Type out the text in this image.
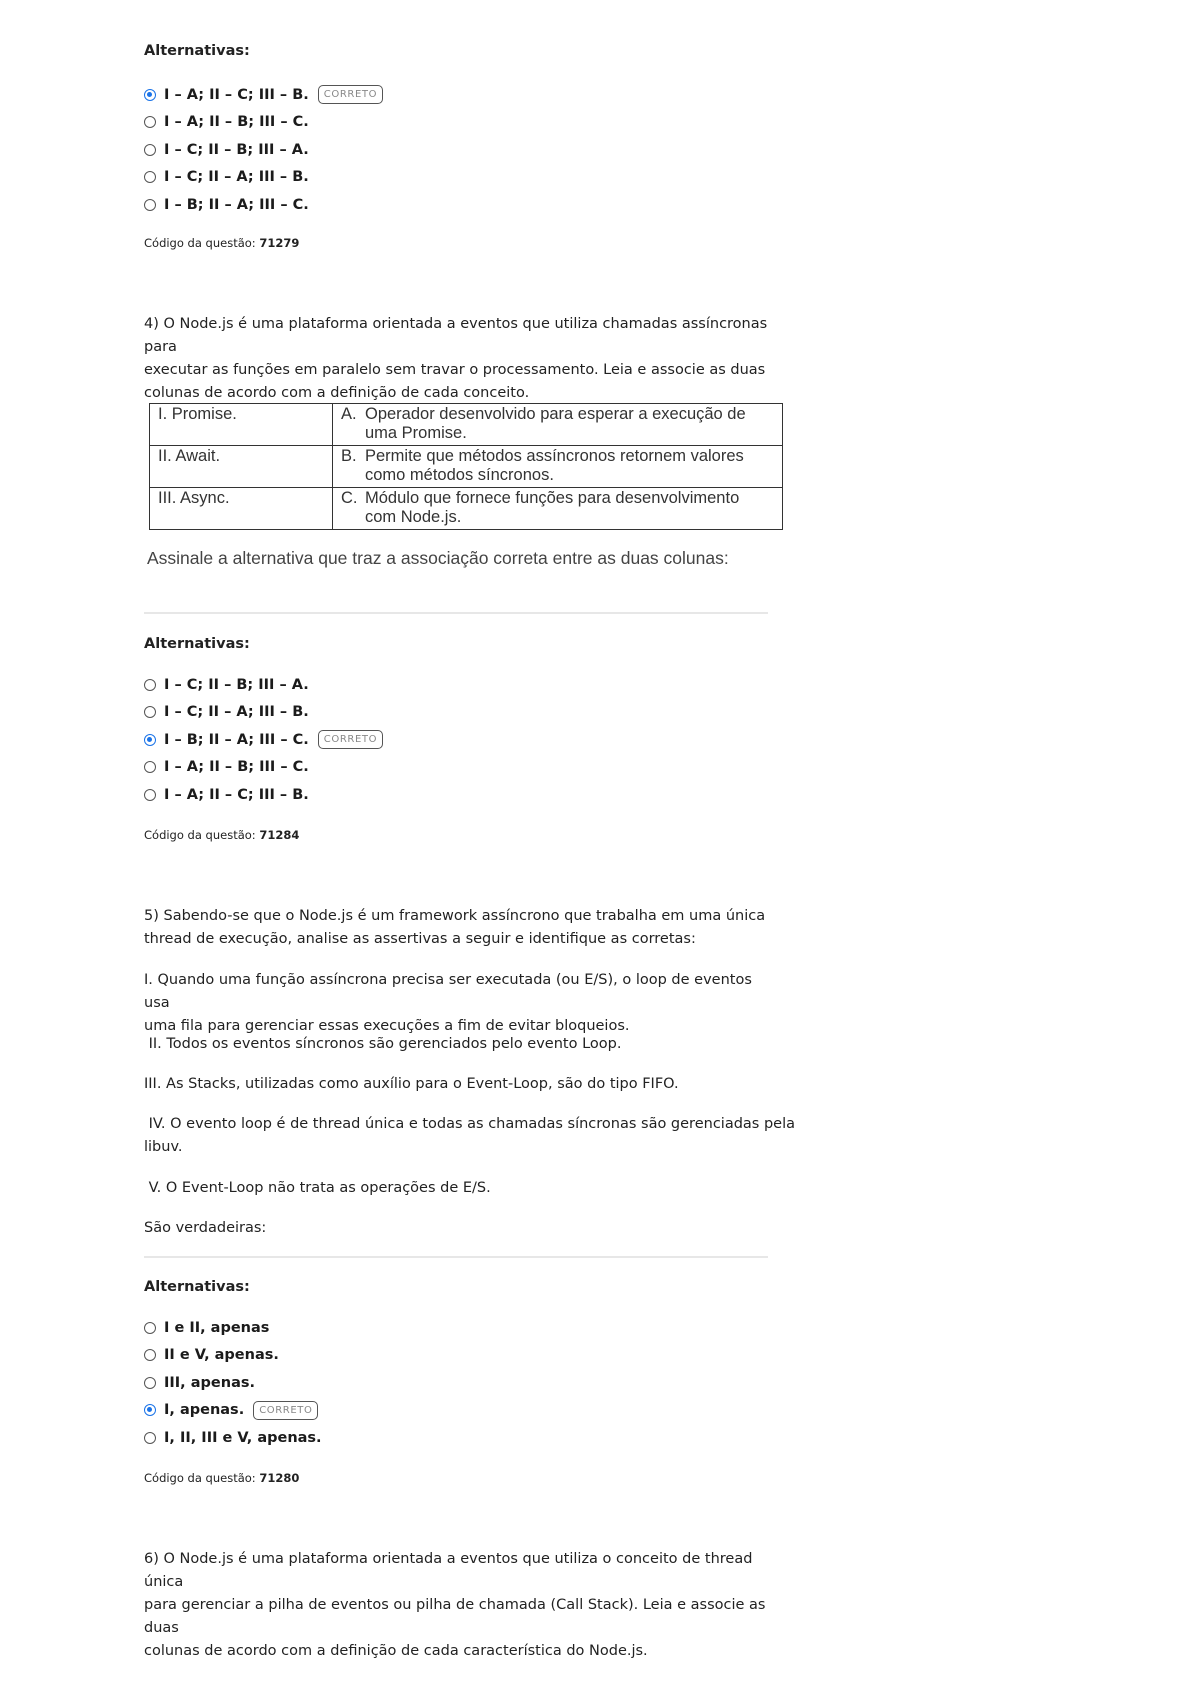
Alternativas:

I – A; II – C; III – B.	CORRETO
I – A; II – B; III – C.
I – C; II – B; III – A.
I – C; II – A; III – B.
I – B; II – A; III – C.

Código da questão: 71279

4) O Node.js é uma plataforma orientada a eventos que utiliza chamadas assíncronas para

executar as funções em paralelo sem travar o processamento. Leia e associe as duas

colunas de acordo com a definição de cada conceito.

I. Promise.	A. Operador desenvolvido para esperar a execução de
uma Promise.
II. Await.	B. Permite que métodos assíncronos retornem valores
como métodos síncronos.
III. Async.	C. Módulo que fornece funções para desenvolvimento
com Node.js.

Assinale a alternativa que traz a associação correta entre as duas colunas:

Alternativas:

I – C; II – B; III – A.
I – C; II – A; III – B.
I – B; II – A; III – C.	CORRETO
I – A; II – B; III – C.
I – A; II – C; III – B.

Código da questão: 71284

5) Sabendo-se que o Node.js é um framework assíncrono que trabalha em uma única

thread de execução, analise as assertivas a seguir e identifique as corretas:

I. Quando uma função assíncrona precisa ser executada (ou E/S), o loop de eventos usa

uma fila para gerenciar essas execuções a fim de evitar bloqueios.

II. Todos os eventos síncronos são gerenciados pelo evento Loop.

III. As Stacks, utilizadas como auxílio para o Event-Loop, são do tipo FIFO.

IV. O evento loop é de thread única e todas as chamadas síncronas são gerenciadas pela

libuv.

V. O Event-Loop não trata as operações de E/S.

São verdadeiras:

Alternativas:

I e II, apenas
II e V, apenas.
III, apenas.
I, apenas.	CORRETO
I, II, III e V, apenas.

Código da questão: 71280

6) O Node.js é uma plataforma orientada a eventos que utiliza o conceito de thread única

para gerenciar a pilha de eventos ou pilha de chamada (Call Stack). Leia e associe as duas

colunas de acordo com a definição de cada característica do Node.js.
